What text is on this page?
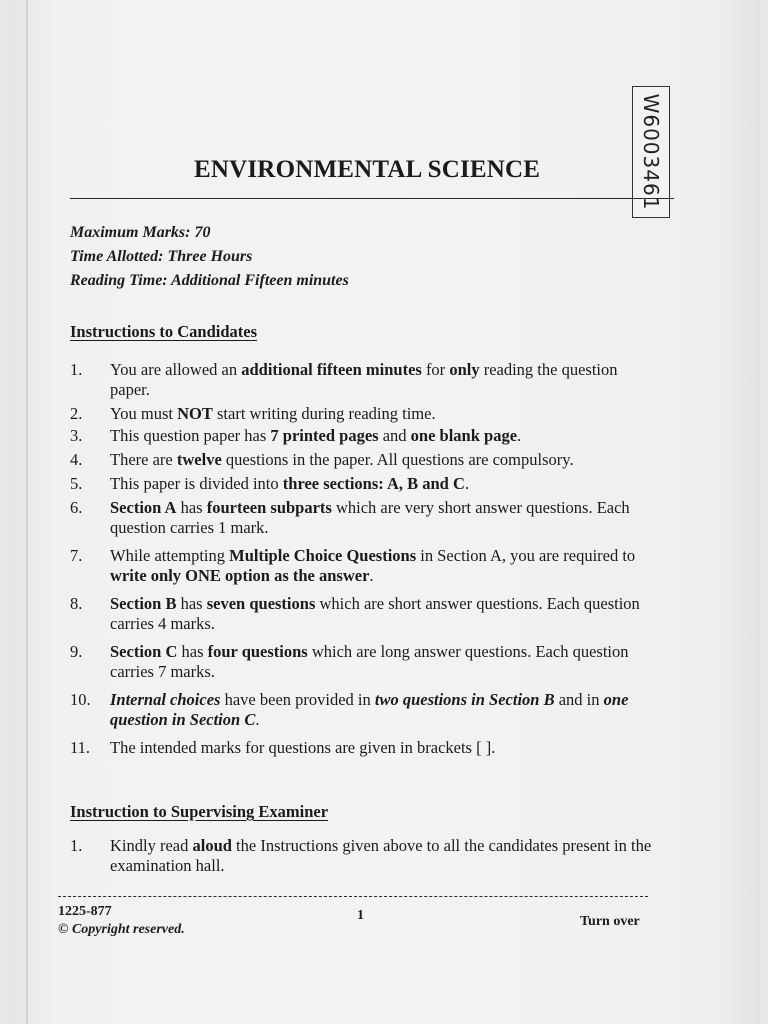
W6003461
ENVIRONMENTAL SCIENCE
Maximum Marks: 70
Time Allotted: Three Hours
Reading Time: Additional Fifteen minutes
Instructions to Candidates
1.	You are allowed an additional fifteen minutes for only reading the question paper.
2.	You must NOT start writing during reading time.
3.	This question paper has 7 printed pages and one blank page.
4.	There are twelve questions in the paper. All questions are compulsory.
5.	This paper is divided into three sections: A, B and C.
6.	Section A has fourteen subparts which are very short answer questions. Each question carries 1 mark.
7.	While attempting Multiple Choice Questions in Section A, you are required to write only ONE option as the answer.
8.	Section B has seven questions which are short answer questions. Each question carries 4 marks.
9.	Section C has four questions which are long answer questions. Each question carries 7 marks.
10.	Internal choices have been provided in two questions in Section B and in one question in Section C.
11.	The intended marks for questions are given in brackets [ ].
Instruction to Supervising Examiner
1.	Kindly read aloud the Instructions given above to all the candidates present in the examination hall.
1225-877
© Copyright reserved.
1	Turn over
